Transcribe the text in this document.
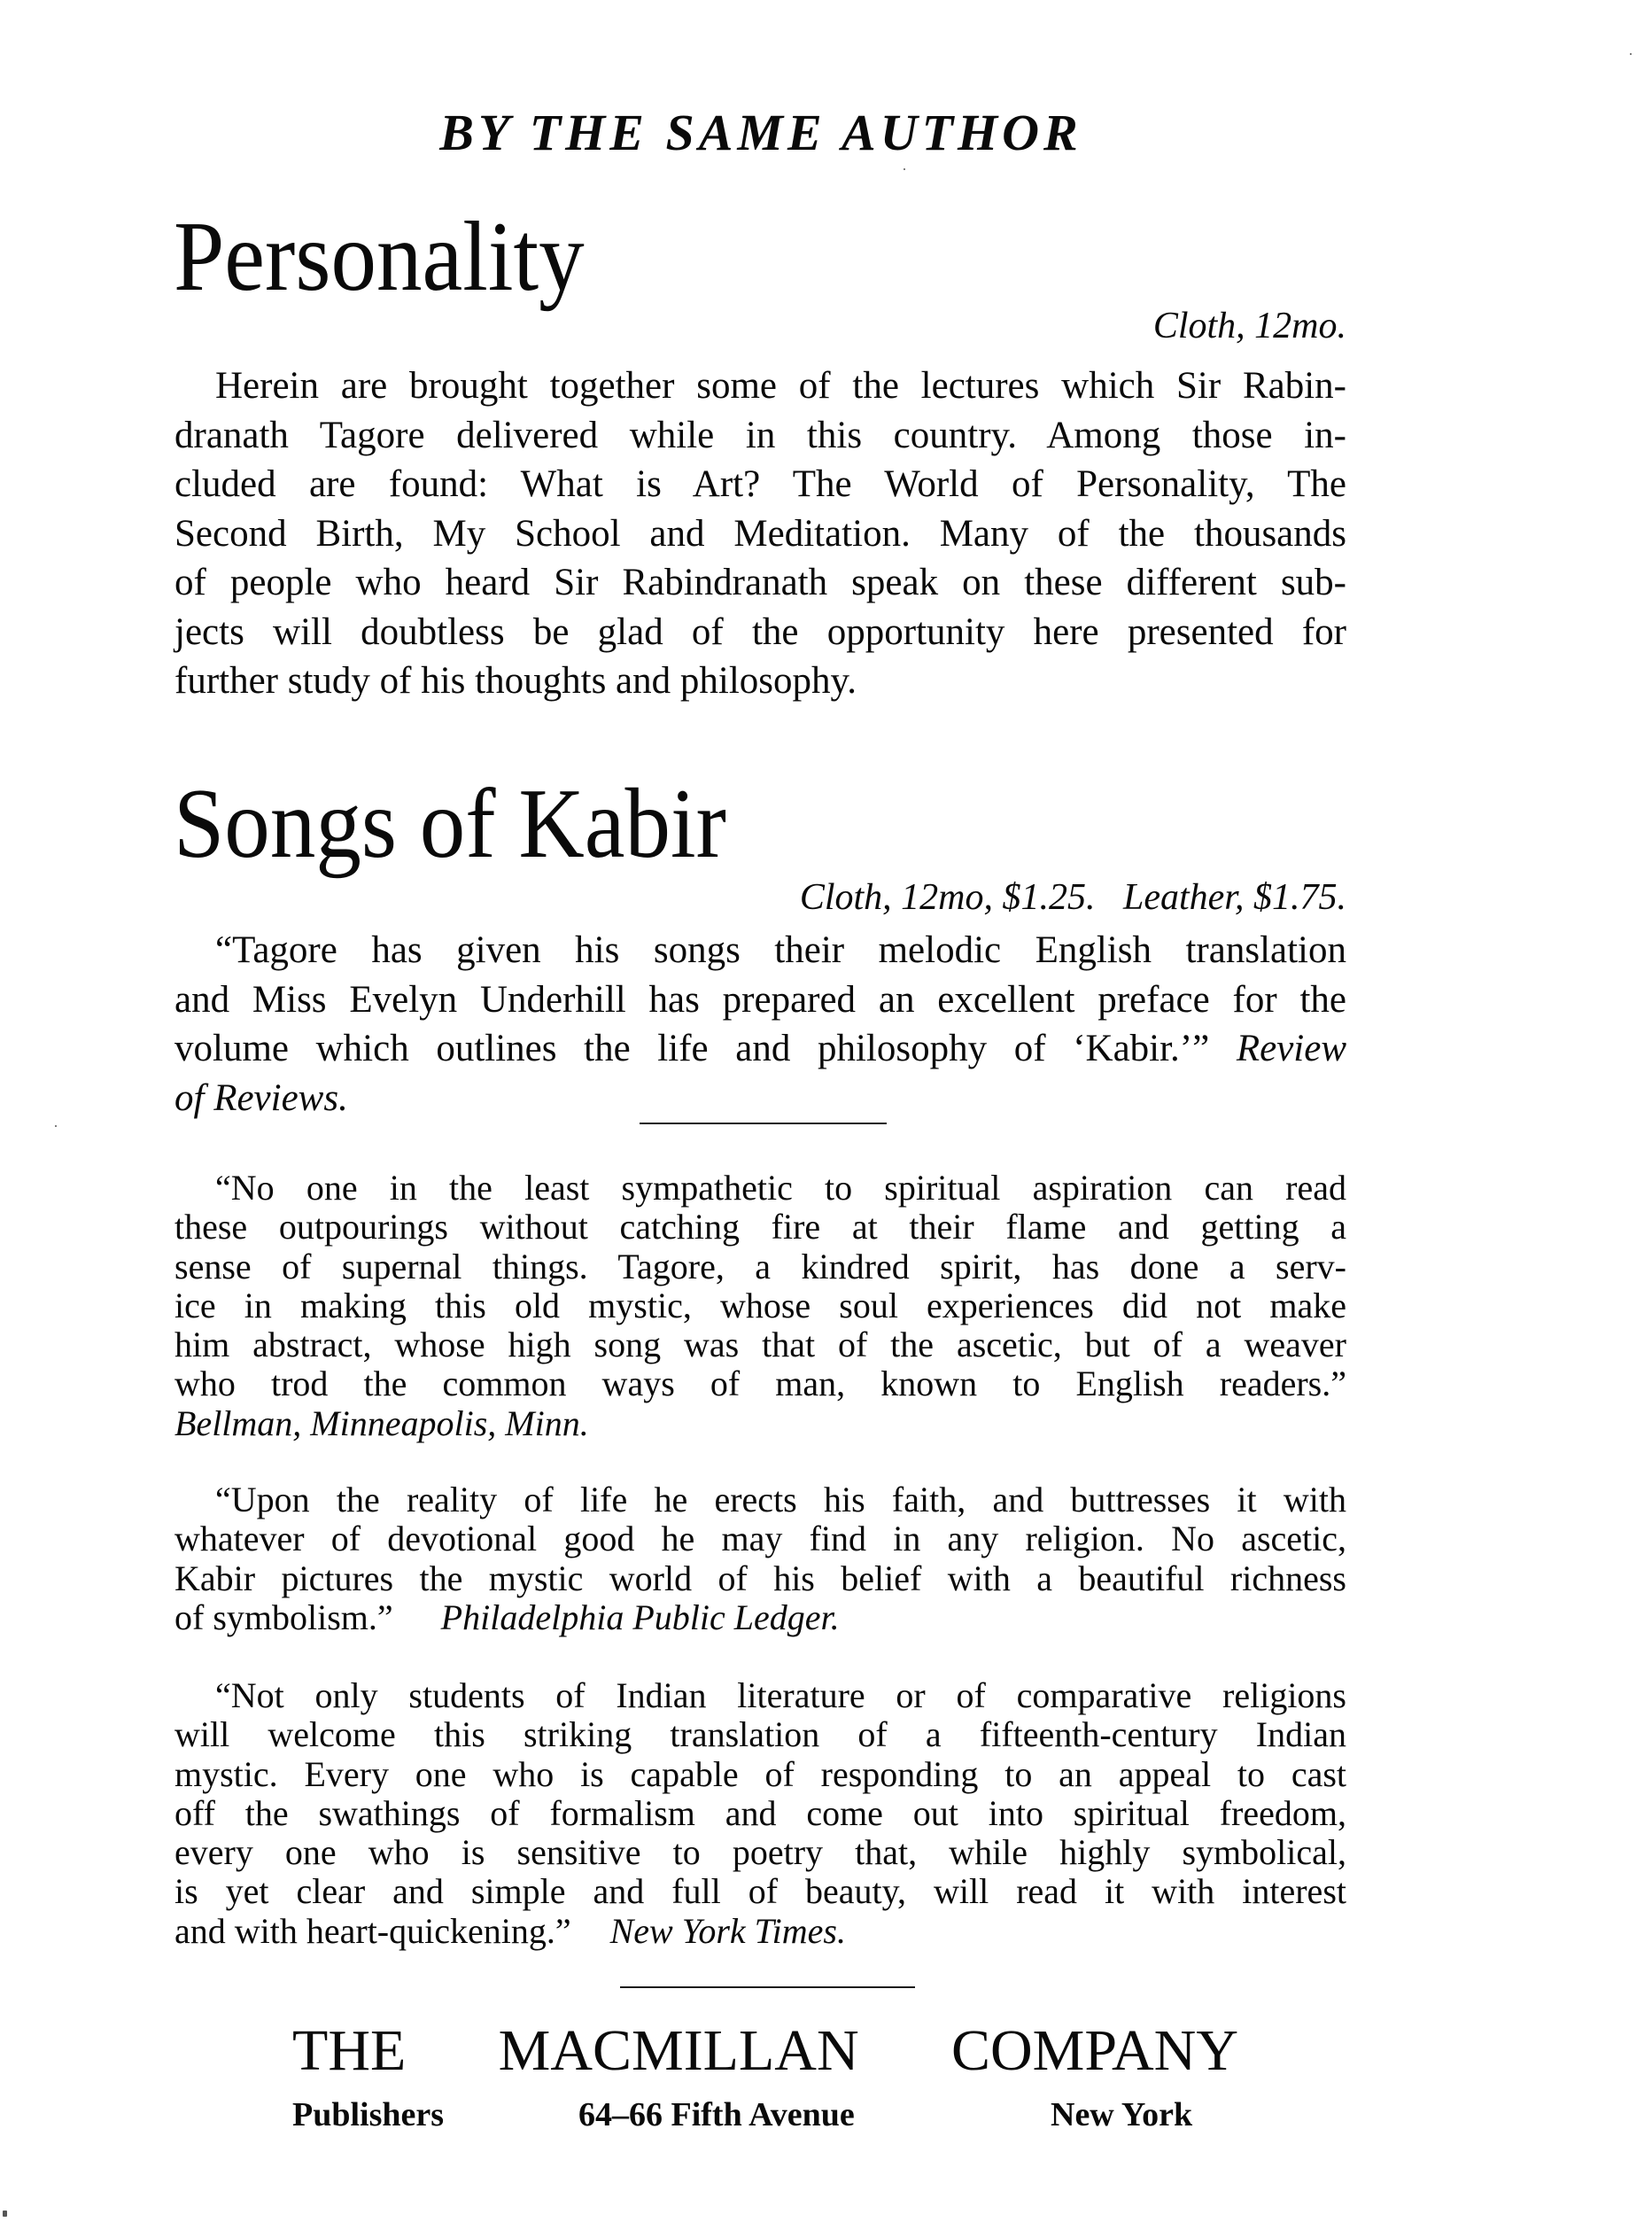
BY THE SAME AUTHOR
Personality
Cloth, 12mo.
Herein are brought together some of the lectures which Sir Rabin-
dranath Tagore delivered while in this country. Among those in-
cluded are found: What is Art? The World of Personality, The
Second Birth, My School and Meditation. Many of the thousands
of people who heard Sir Rabindranath speak on these different sub-
jects will doubtless be glad of the opportunity here presented for
further study of his thoughts and philosophy.
Songs of Kabir
Cloth, 12mo, $1.25.   Leather, $1.75.
“Tagore has given his songs their melodic English translation
and Miss Evelyn Underhill has prepared an excellent preface for the
volume which outlines the life and philosophy of ‘Kabir.’” Review
of Reviews.
“No one in the least sympathetic to spiritual aspiration can read
these outpourings without catching fire at their flame and getting a
sense of supernal things. Tagore, a kindred spirit, has done a serv-
ice in making this old mystic, whose soul experiences did not make
him abstract, whose high song was that of the ascetic, but of a weaver
who trod the common ways of man, known to English readers.”
Bellman, Minneapolis, Minn.
“Upon the reality of life he erects his faith, and buttresses it with
whatever of devotional good he may find in any religion. No ascetic,
Kabir pictures the mystic world of his belief with a beautiful richness
of symbolism.” Philadelphia Public Ledger.
“Not only students of Indian literature or of comparative religions
will welcome this striking translation of a fifteenth-century Indian
mystic. Every one who is capable of responding to an appeal to cast
off the swathings of formalism and come out into spiritual freedom,
every one who is sensitive to poetry that, while highly symbolical,
is yet clear and simple and full of beauty, will read it with interest
and with heart-quickening.” New York Times.
THE MACMILLAN COMPANY
Publishers	64–66 Fifth Avenue	New York
